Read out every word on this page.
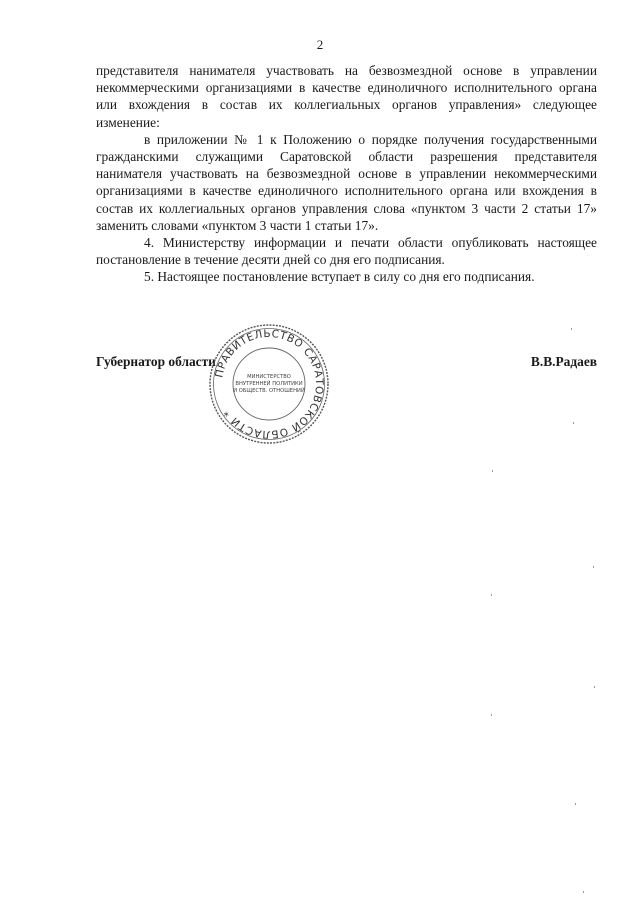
2

представителя нанимателя участвовать на безвозмездной основе в управлении некоммерческими организациями в качестве единоличного исполнительного органа или вхождения в состав их коллегиальных органов управления» следующее изменение:

в приложении № 1 к Положению о порядке получения государственными гражданскими служащими Саратовской области разрешения представителя нанимателя участвовать на безвозмездной основе в управлении некоммерческими организациями в качестве единоличного исполнительного органа или вхождения в состав их коллегиальных органов управления слова «пунктом 3 части 2 статьи 17» заменить словами «пунктом 3 части 1 статьи 17».

4. Министерству информации и печати области опубликовать настоящее постановление в течение десяти дней со дня его подписания.

5. Настоящее постановление вступает в силу со дня его подписания.

Губернатор области	В.В.Радаев
ПРАВИТЕЛЬСТВО САРАТОВСКОЙ ОБЛАСТИ *
МИНИСТЕРСТВО
ВНУТРЕННЕЙ ПОЛИТИКИ
И ОБЩЕСТВ. ОТНОШЕНИЙ
